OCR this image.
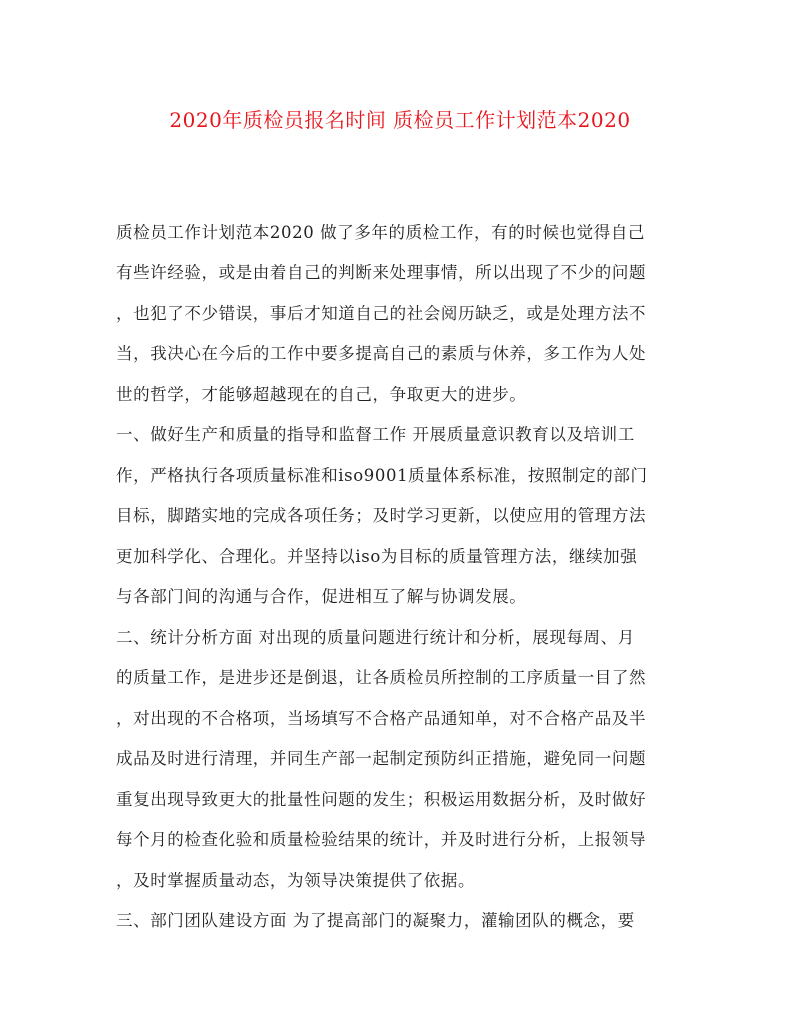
2020年质检员报名时间 质检员工作计划范本2020

质检员工作计划范本2020 做了多年的质检工作，有的时候也觉得自己

有些许经验，或是由着自己的判断来处理事情，所以出现了不少的问题

，也犯了不少错误，事后才知道自己的社会阅历缺乏，或是处理方法不

当，我决心在今后的工作中要多提高自己的素质与休养，多工作为人处

世的哲学，才能够超越现在的自己，争取更大的进步。

一、做好生产和质量的指导和监督工作 开展质量意识教育以及培训工

作，严格执行各项质量标准和iso9001质量体系标准，按照制定的部门

目标，脚踏实地的完成各项任务；及时学习更新，以使应用的管理方法

更加科学化、合理化。并坚持以iso为目标的质量管理方法，继续加强

与各部门间的沟通与合作，促进相互了解与协调发展。

二、统计分析方面 对出现的质量问题进行统计和分析，展现每周、月

的质量工作，是进步还是倒退，让各质检员所控制的工序质量一目了然

，对出现的不合格项，当场填写不合格产品通知单，对不合格产品及半

成品及时进行清理，并同生产部一起制定预防纠正措施，避免同一问题

重复出现导致更大的批量性问题的发生；积极运用数据分析，及时做好

每个月的检查化验和质量检验结果的统计，并及时进行分析，上报领导

，及时掌握质量动态，为领导决策提供了依据。

三、部门团队建设方面 为了提高部门的凝聚力，灌输团队的概念，要
